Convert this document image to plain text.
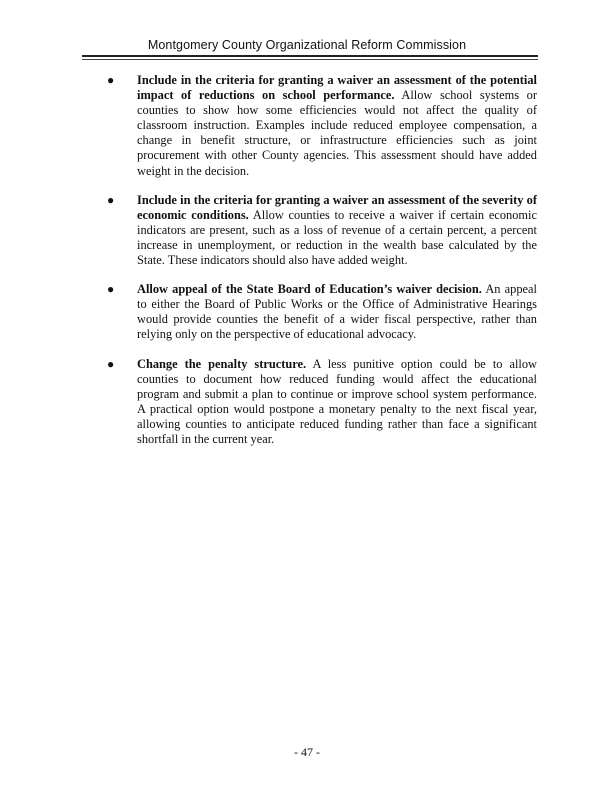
Montgomery County Organizational Reform Commission
● Include in the criteria for granting a waiver an assessment of the potential impact of reductions on school performance. Allow school systems or counties to show how some efficiencies would not affect the quality of classroom instruction. Examples include reduced employee compensation, a change in benefit structure, or infrastructure efficiencies such as joint procurement with other County agencies. This assessment should have added weight in the decision.
● Include in the criteria for granting a waiver an assessment of the severity of economic conditions. Allow counties to receive a waiver if certain economic indicators are present, such as a loss of revenue of a certain percent, a percent increase in unemployment, or reduction in the wealth base calculated by the State. These indicators should also have added weight.
● Allow appeal of the State Board of Education’s waiver decision. An appeal to either the Board of Public Works or the Office of Administrative Hearings would provide counties the benefit of a wider fiscal perspective, rather than relying only on the perspective of educational advocacy.
● Change the penalty structure. A less punitive option could be to allow counties to document how reduced funding would affect the educational program and submit a plan to continue or improve school system performance. A practical option would postpone a monetary penalty to the next fiscal year, allowing counties to anticipate reduced funding rather than face a significant shortfall in the current year.
- 47 -
